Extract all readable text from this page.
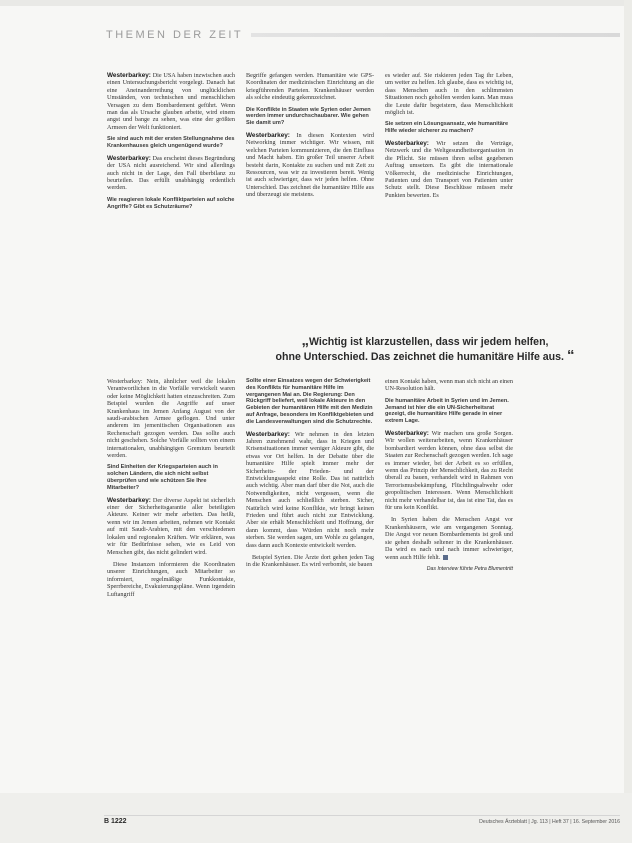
THEMEN DER ZEIT

Westerbarkey: Die USA haben inzwischen auch einen Untersuchungsbericht vorgelegt. Danach hat eine Aneinanderreihung von unglücklichen Umständen, von technischen und menschlichen Versagen zu dem Bombardement geführt. Wenn man das als Ursache glauben arbeite, wird einem angst und bange zu sehen, was eine der größten Armeen der Welt funktioniert.

Sie sind auch mit der ersten Stellungnahme des Krankenhauses gleich ungenügend wurde?

Westerbarkey: Das erscheint dieses Begründung der USA nicht ausreichend. Wir sind allerdings auch nicht in der Lage, den Fall überbilanz zu beurteilen. Das erfüllt unabhängig ordentlich werden.

Wie reagieren lokale Konfliktparteien auf solche Angriffe? Gibt es Schutzräume?

Begriffe gefangen werden. Humanitäre wie GPS-Koordinaten der medizinischen Einrichtung an die kriegführenden Parteien. Krankenhäuser werden als solche eindeutig gekennzeichnet.

Die Konflikte in Staaten wie Syrien oder Jemen werden immer undurchschaubarer. Wie gehen Sie damit um?

Westerbarkey: In diesen Kontexten wird Networking immer wichtiger. Wir wissen, mit welchen Parteien kommunizieren, die den Einfluss und Macht haben. Ein großer Teil unserer Arbeit besteht darin, Kontakte zu suchen und mit Zeit zu Ressourcen, was wir zu investieren bereit. Wenig ist auch schwieriger, dass wir jeden helfen. Ohne Unterschied. Das zeichnet die humanitäre Hilfe aus und überzeugt sie meistens.

es wieder auf. Sie riskieren jeden Tag ihr Leben, um weiter zu helfen. Ich glaube, dass es wichtig ist, dass Menschen auch in den schlimmsten Situationen noch geholfen werden kann. Man muss die Leute dafür begeistern, dass Menschlichkeit möglich ist.

Sie setzen ein Lösungsansatz, wie humanitäre Hilfe wieder sicherer zu machen?

Westerbarkey: Wir setzen die Verträge, Netzwerk und die Weltgesundheitsorganisation in die Pflicht. Sie müssen ihren selbst gegebenen Auftrag umsetzen. Es gibt die internationale Völkerrecht, die medizinische Einrichtungen, Patienten und den Transport von Patienten unter Schutz stellt. Diese Beschlüsse müssen mehr Punkten bewerten. Es

„Wichtig ist klarzustellen, dass wir jedem helfen,
ohne Unterschied. Das zeichnet die humanitäre Hilfe aus. “

Westerbarkey: Nein, ähnlicher weil die lokalen Verantwortlichen in die Vorfälle verwickelt waren oder keine Möglichkeit hatten einzuschreiten. Zum Beispiel wurden die Angriffe auf unser Krankenhaus im Jemen Anfang August von der saudi-arabischen Armee geflogen. Und unter anderem im jemenitischen Organisationen aus Rechenschaft gezogen werden. Das sollte auch nicht geschehen. Solche Vorfälle sollten von einem internationalen, unabhängigen Gremium beurteilt werden.

Sind Einheiten der Kriegsparteien auch in solchen Ländern, die sich nicht selbst überprüfen und wie schützen Sie Ihre Mitarbeiter?

Westerbarkey: Der diverse Aspekt ist sicherlich einer der Sicherheitsgarantie aller beteiligten Akteure. Keiner wir mehr arbeiten. Das heißt, wenn wir im Jemen arbeiten, nehmen wir Kontakt auf mit Saudi-Arabien, mit den verschiedenen lokalen und regionalen Kräften. Wir erklären, was wir für Bedürfnisse sehen, wie es Leid von Menschen gibt, das nicht gelindert wird.

Diese Instanzen informieren die Koordinaten unserer Einrichtungen, auch Mitarbeiter so informiert, regelmäßige Funkkontakte, Sperrbereiche, Evakuierungspläne. Wenn irgendein Luftangriff

Sollte einer Einsatzes wegen der Schwierigkeit des Konflikts für humanitäre Hilfe im vergangenen Mai an. Die Regierung: Den Rückgriff beliefert, weil lokale Akteure in den Gebieten der humanitären Hilfe mit den Medizin auf Anfrage, besonders im Konfliktgebieten und die Landesverwaltungen sind die Schutzrechte.

Westerbarkey: Wir nehmen in den letzten Jahren zunehmend wahr, dass in Kriegen und Krisensituationen immer weniger Akteure gibt, die etwas vor Ort helfen. In der Debatte über die humanitäre Hilfe spielt immer mehr der Sicherheits- der Frieden- und der Entwicklungsaspekt eine Rolle. Das ist natürlich auch wichtig. Aber man darf über die Not, auch die Notwendigkeiten, nicht vergessen, wenn die Menschen auch schließlich sterben. Sicher, Natürlich wird keine Konflikte, wir bringt keinen Frieden und führt auch nicht zur Entwicklung. Aber sie erhält Menschlichkeit und Hoffnung, der dann kommt, dass Würden nicht noch mehr sterben. Sie werden sagen, um Wohle zu gelangen, dass dann auch Kontexte entwickelt werden.

Beispiel Syrien. Die Ärzte dort gehen jeden Tag in die Krankenhäuser. Es wird verbombt, sie bauen

einen Kontakt haben, wenn man sich nicht an einen UN-Resolution hält.

Die humanitäre Arbeit in Syrien und im Jemen. Jemand ist hier die ein UN-Sicherheitsrat gezeigt, die humanitäre Hilfe gerade in einer extrem Lage.

Westerbarkey: Wir machen uns große Sorgen. Wir wollen weiterarbeiten, wenn Krankenhäuser bombardiert werden können, ohne dass selbst die Staaten zur Rechenschaft gezogen werden. Ich sage es immer wieder, bei der Arbeit es so erfüllen, wenn das Prinzip der Menschlichkeit, das zu Recht überall zu bauen, verhandelt wird in Rahmen von Terrorismusbekämpfung, Flüchtlingsabwehr oder geopolitischen Interessen. Wenn Menschlichkeit nicht mehr verhandelbar ist, das ist eine Tat, das es für uns kein Konflikt.

In Syrien haben die Menschen Angst vor Krankenhäusern, wie am vergangenen Sonntag. Die Angst vor neuen Bombardements ist groß und sie gehen deshalb seltener in die Krankenhäuser. Da wird es nach und nach immer schwieriger, wenn auch Hilfe fehlt.

Das Interview führte Petra Blumentritt
B 1222	Deutsches Ärzteblatt | Jg. 113 | Heft 37 | 16. September 2016
